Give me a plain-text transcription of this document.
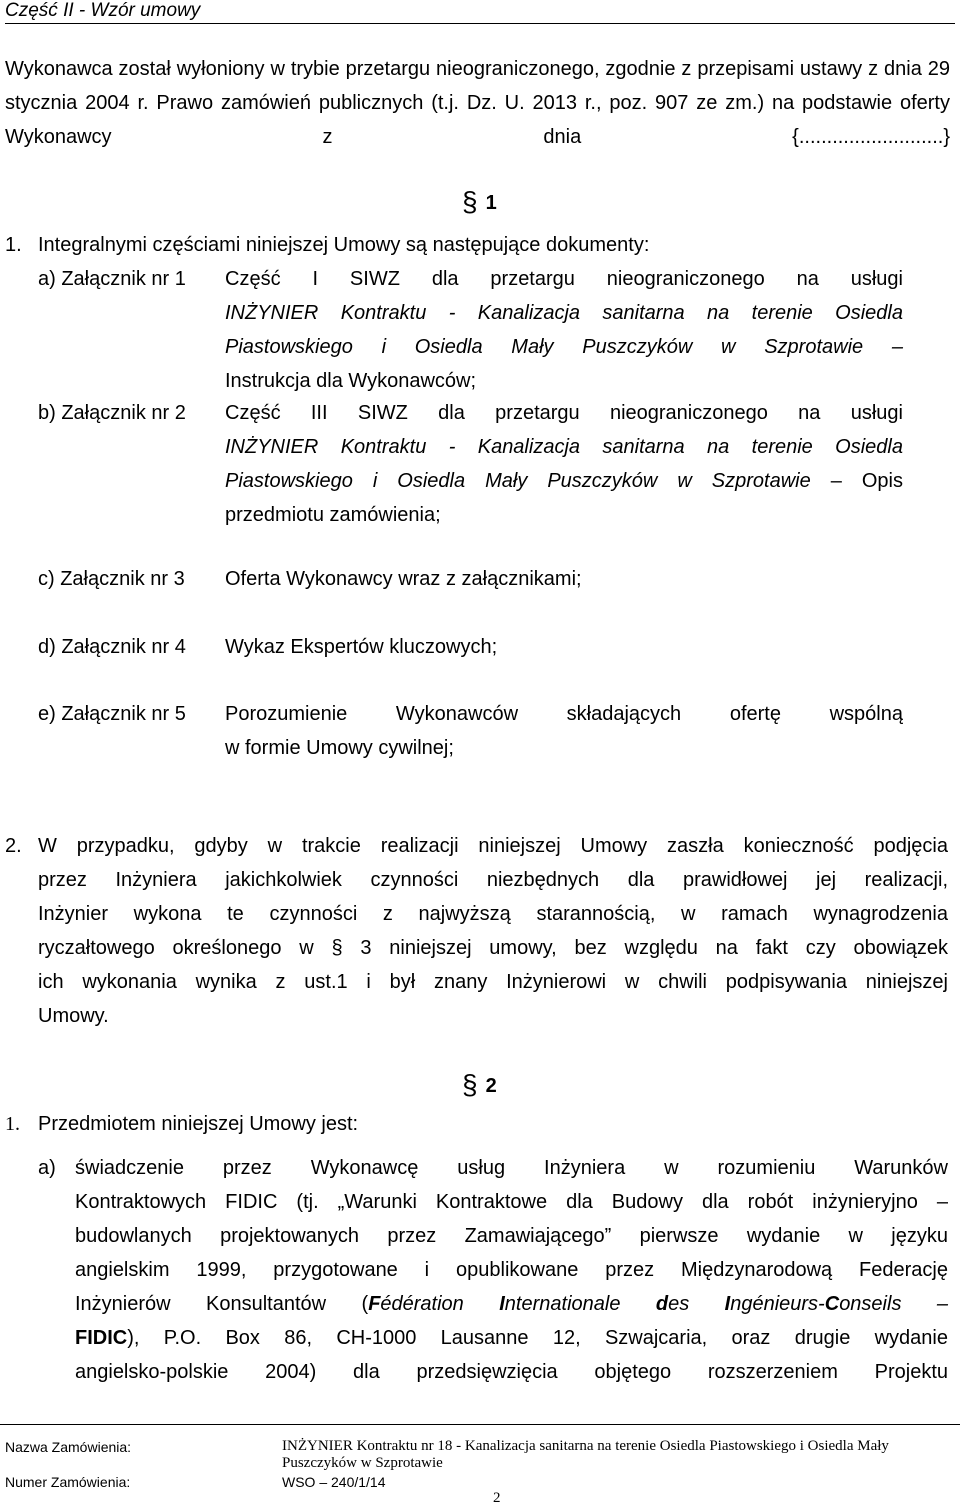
Część II - Wzór umowy
Wykonawca został wyłoniony w trybie przetargu nieograniczonego, zgodnie z przepisami ustawy z dnia 29 stycznia 2004 r. Prawo zamówień publicznych (t.j. Dz. U. 2013 r., poz. 907 ze zm.) na podstawie oferty Wykonawcy z dnia {..........................}
§ 1
1. Integralnymi częściami niniejszej Umowy są następujące dokumenty:
a) Załącznik nr 1 Część I SIWZ dla przetargu nieograniczonego na usługi
INŻYNIER Kontraktu - Kanalizacja sanitarna na terenie Osiedla
Piastowskiego i Osiedla Mały Puszczyków w Szprotawie –
Instrukcja dla Wykonawców;
b) Załącznik nr 2 Część III SIWZ dla przetargu nieograniczonego na usługi
INŻYNIER Kontraktu - Kanalizacja sanitarna na terenie Osiedla
Piastowskiego i Osiedla Mały Puszczyków w Szprotawie – Opis
przedmiotu zamówienia;
c) Załącznik nr 3 Oferta Wykonawcy wraz z załącznikami;
d) Załącznik nr 4 Wykaz Ekspertów kluczowych;
e) Załącznik nr 5 Porozumienie Wykonawców składających ofertę wspólną
w formie Umowy cywilnej;
2. W przypadku, gdyby w trakcie realizacji niniejszej Umowy zaszła konieczność podjęcia
przez Inżyniera jakichkolwiek czynności niezbędnych dla prawidłowej jej realizacji,
Inżynier wykona te czynności z najwyższą starannością, w ramach wynagrodzenia
ryczałtowego określonego w § 3 niniejszej umowy, bez względu na fakt czy obowiązek
ich wykonania wynika z ust.1 i był znany Inżynierowi w chwili podpisywania niniejszej
Umowy.
§ 2
1. Przedmiotem niniejszej Umowy jest:
a) świadczenie przez Wykonawcę usług Inżyniera w rozumieniu Warunków
Kontraktowych FIDIC (tj. „Warunki Kontraktowe dla Budowy dla robót inżynieryjno –
budowlanych projektowanych przez Zamawiającego” pierwsze wydanie w języku
angielskim 1999, przygotowane i opublikowane przez Międzynarodową Federację
Inżynierów Konsultantów (Fédération Internationale des Ingénieurs-Conseils –
FIDIC), P.O. Box 86, CH-1000 Lausanne 12, Szwajcaria, oraz drugie wydanie
angielsko-polskie 2004) dla przedsięwzięcia objętego rozszerzeniem Projektu
Nazwa Zamówienia:	INŻYNIER Kontraktu nr 18 - Kanalizacja sanitarna na terenie Osiedla Piastowskiego i Osiedla Mały
Puszczyków w Szprotawie
Numer Zamówienia:	WSO – 240/1/14
2
